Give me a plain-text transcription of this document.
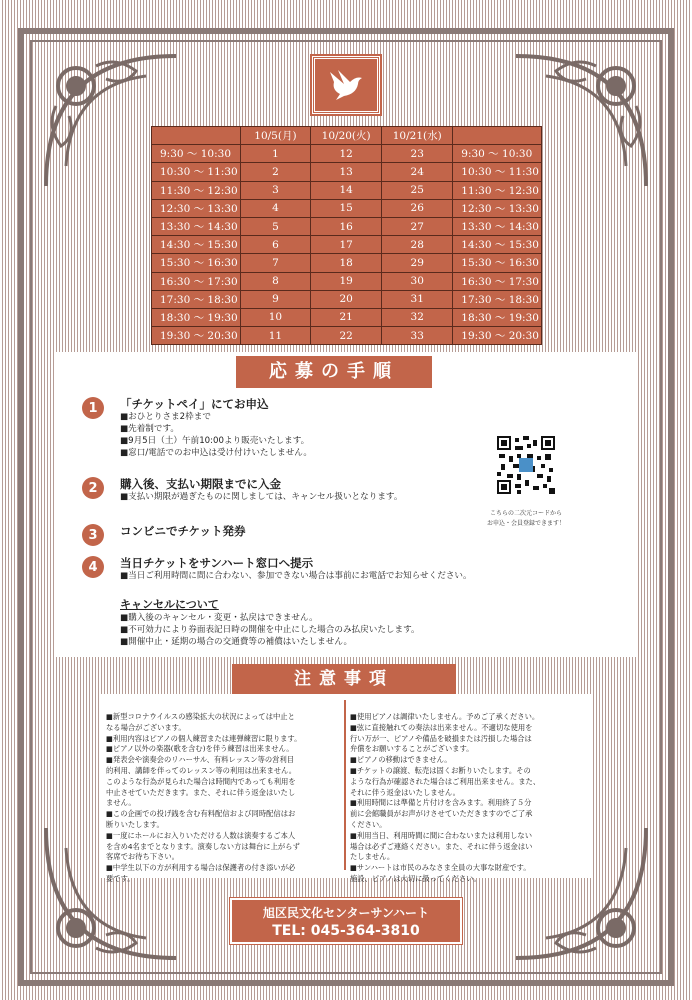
	10/5(月)	10/20(火)	10/21(水)	
9:30 〜 10:30	1	12	23	9:30 〜 10:30
10:30 〜 11:30	2	13	24	10:30 〜 11:30
11:30 〜 12:30	3	14	25	11:30 〜 12:30
12:30 〜 13:30	4	15	26	12:30 〜 13:30
13:30 〜 14:30	5	16	27	13:30 〜 14:30
14:30 〜 15:30	6	17	28	14:30 〜 15:30
15:30 〜 16:30	7	18	29	15:30 〜 16:30
16:30 〜 17:30	8	19	30	16:30 〜 17:30
17:30 〜 18:30	9	20	31	17:30 〜 18:30
18:30 〜 19:30	10	21	32	18:30 〜 19:30
19:30 〜 20:30	11	22	33	19:30 〜 20:30
応募の手順
1	「チケットペイ」にてお申込
■おひとりさま2枠まで
■先着制です。
■9月5日（土）午前10:00より販売いたします。
■窓口/電話でのお申込は受け付けいたしません。
2	購入後、支払い期限までに入金
■支払い期限が過ぎたものに関しましては、キャンセル扱いとなります。
3	コンビニでチケット発券
4	当日チケットをサンハート窓口へ提示
■当日ご利用時間に間に合わない、参加できない場合は事前にお電話でお知らせください。
こちらの二次元コードから
お申込・会員登録できます！
キャンセルについて
■購入後のキャンセル・変更・払戻はできません。
■不可効力により券面表記日時の開催を中止にした場合のみ払戻いたします。
■開催中止・延期の場合の交通費等の補償はいたしません。
注意事項

■新型コロナウイルスの感染拡大の状況によっては中止と

なる場合がございます。

■利用内容はピアノの個人練習または連弾練習に限ります。

■ピアノ以外の楽器(歌を含む)を伴う練習は出来ません。

■発表会や演奏会のリハーサル、有料レッスン等の営利目

的利用、講師を伴ってのレッスン等の利用は出来ません。

このような行為が見られた場合は時間内であっても利用を

中止させていただきます。また、それに伴う返金はいたし

ません。

■この企画での投げ銭を含む有料配信および同時配信はお

断りいたします。

■一度にホールにお入りいただける人数は演奏するご本人

を含め4名までとなります。演奏しない方は舞台に上がらず

客席でお待ち下さい。

■中学生以下の方が利用する場合は保護者の付き添いが必

要です。

■使用ピアノは調律いたしません。予めご了承ください。

■弦に直接触れての奏法は出来ません。不適切な使用を

行い万が一、ピアノや備品を破損または汚損した場合は

弁償をお願いすることがございます。

■ピアノの移動はできません。

■チケットの譲渡、転売は固くお断りいたします。その

ような行為が確認された場合はご利用出来ません。また、

それに伴う返金はいたしません。

■利用時間には準備と片付けを含みます。利用終了５分

前に会館職員がお声がけさせていただきますのでご了承

ください。

■利用当日、利用時間に間に合わないまたは利用しない

場合は必ずご連絡ください。また、それに伴う返金はい

たしません。

■サンハートは市民のみなさま全員の大事な財産です。

施設、ピアノは大切に扱ってください。

旭区民文化センターサンハート
TEL: 045-364-3810
